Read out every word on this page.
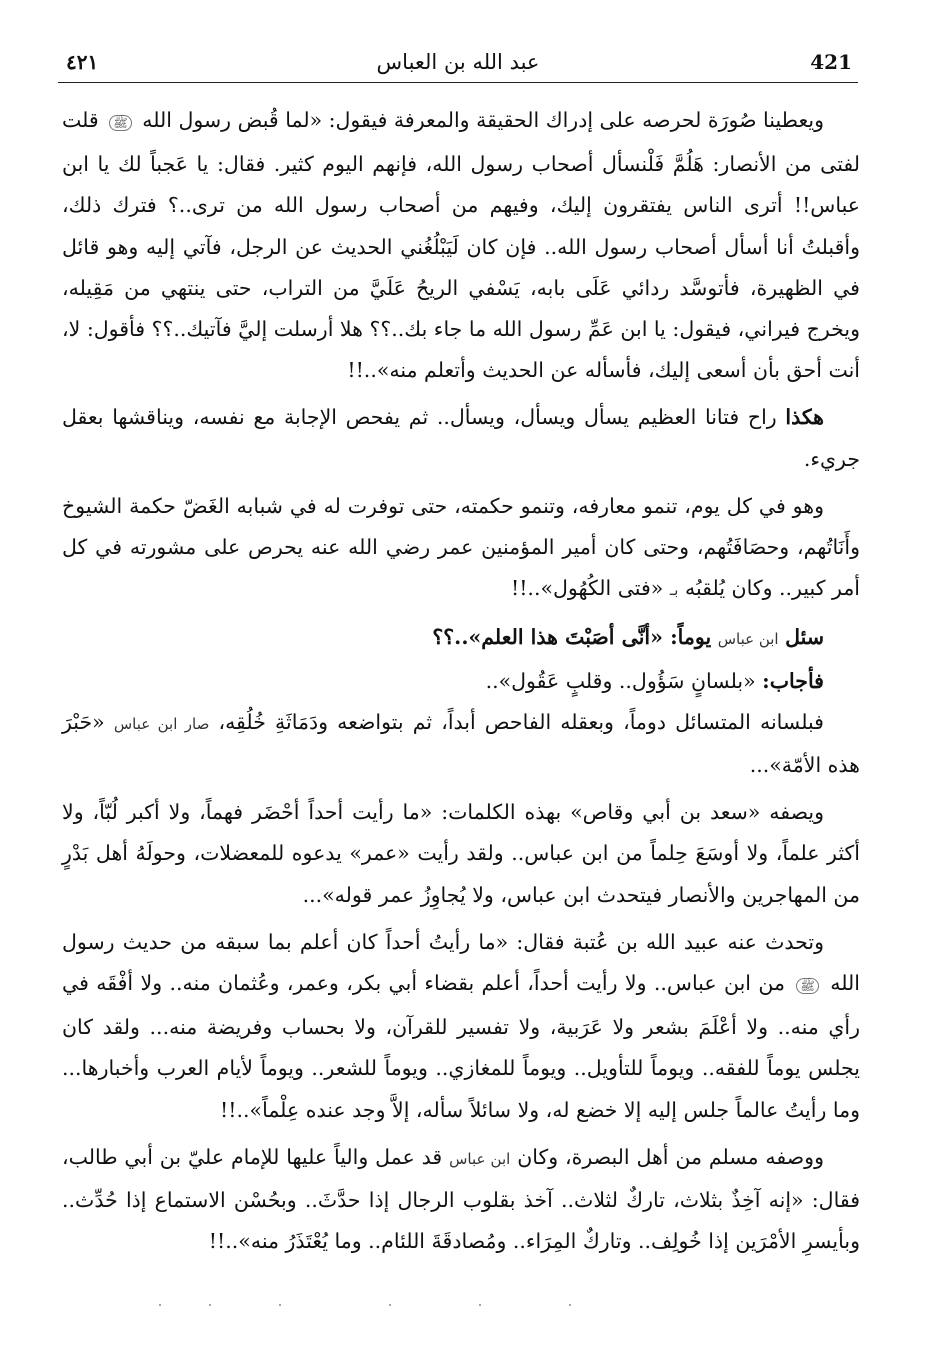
٤٢١	عبد الله بن العباس	421

ويعطينا صُورَة لحرصه على إدراك الحقيقة والمعرفة فيقول: «لما قُبض رسول الله ﷺ قلت لفتى من الأنصار: هَلُمَّ فَلْنسأل أصحاب رسول الله، فإنهم اليوم كثير. فقال: يا عَجباً لك يا ابن عباس!! أترى الناس يفتقرون إليك، وفيهم من أصحاب رسول الله من ترى..؟ فترك ذلك، وأقبلتُ أنا أسأل أصحاب رسول الله.. فإن كان لَيَبْلُغُني الحديث عن الرجل، فآتي إليه وهو قائل في الظهيرة، فأتوسَّد ردائي عَلَى بابه، يَسْفي الريحُ عَلَيَّ من التراب، حتى ينتهي من مَقِيله، ويخرج فيراني، فيقول: يا ابن عَمِّ رسول الله ما جاء بك..؟؟ هلا أرسلت إليَّ فآتيك..؟؟ فأقول: لا، أنت أحق بأن أسعى إليك، فأسأله عن الحديث وأتعلم منه»..!!

هكذا راح فتانا العظيم يسأل ويسأل، ويسأل.. ثم يفحص الإجابة مع نفسه، ويناقشها بعقل جريء.

وهو في كل يوم، تنمو معارفه، وتنمو حكمته، حتى توفرت له في شبابه الغَضّ حكمة الشيوخ وأَنَاتُهم، وحصَافَتُهم، وحتى كان أمير المؤمنين عمر رضي الله عنه يحرص على مشورته في كل أمر كبير.. وكان يُلقبُه بـ «فتى الكُهُول»..!!

سئل ابن عباس يوماً: «أنَّى أصَبْتَ هذا العلم»..؟؟

فأجاب: «بلسانٍ سَؤُول.. وقلبٍ عَقُول»..

فبلسانه المتسائل دوماً، وبعقله الفاحص أبداً، ثم بتواضعه ودَمَاثَةِ خُلُقِه، صار ابن عباس «حَبْرَ هذه الأمّة»...

ويصفه «سعد بن أبي وقاص» بهذه الكلمات: «ما رأيت أحداً أحْضَر فهماً، ولا أكبر لُبّاً، ولا أكثر علماً، ولا أوسَعَ حِلماً من ابن عباس.. ولقد رأيت «عمر» يدعوه للمعضلات، وحولَهُ أهل بَدْرٍ من المهاجرين والأنصار فيتحدث ابن عباس، ولا يُجاوِزُ عمر قوله»...

وتحدث عنه عبيد الله بن عُتبة فقال: «ما رأيتُ أحداً كان أعلم بما سبقه من حديث رسول الله ﷺ من ابن عباس.. ولا رأيت أحداً، أعلم بقضاء أبي بكر، وعمر، وعُثمان منه.. ولا أفْقَه في رأي منه.. ولا أعْلَمَ بشعر ولا عَرَبية، ولا تفسير للقرآن، ولا بحساب وفريضة منه... ولقد كان يجلس يوماً للفقه.. ويوماً للتأويل.. ويوماً للمغازي.. ويوماً للشعر.. ويوماً لأيام العرب وأخبارها... وما رأيتُ عالماً جلس إليه إلا خضع له، ولا سائلاً سأله، إلاَّ وجد عنده عِلْماً»..!!

ووصفه مسلم من أهل البصرة، وكان ابن عباس قد عمل والياً عليها للإمام عليّ بن أبي طالب، فقال: «إنه آخِذٌ بثلاث، تاركٌ لثلاث.. آخذ بقلوب الرجال إذا حدَّثَ.. وبحُسْن الاستماع إذا حُدِّث.. وبأيسرِ الأمْرَين إذا خُولِف.. وتاركٌ المِرَاء.. ومُصادقَةَ اللئام.. وما يُعْتَذَرُ منه»..!!
